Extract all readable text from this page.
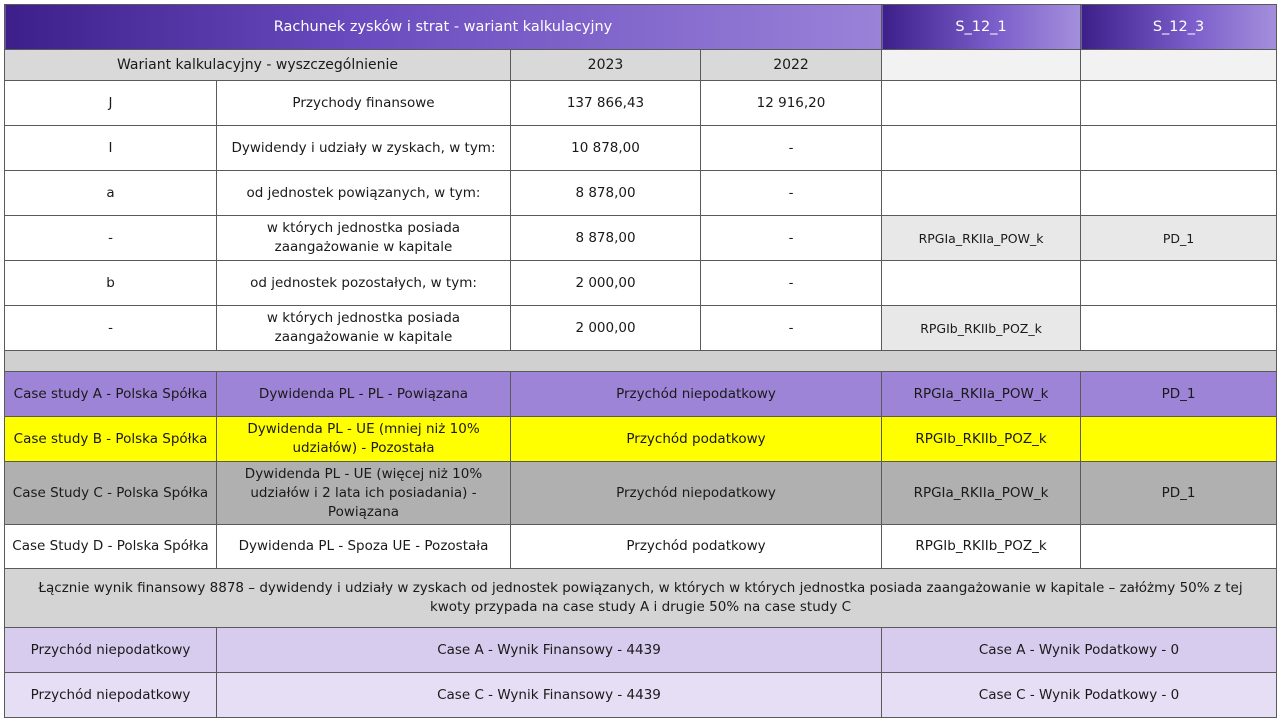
Rachunek zysków i strat - wariant kalkulacyjny				S_12_1	S_12_3
Wariant kalkulacyjny - wyszczególnienie		2023	2022		
J	Przychody finansowe	137 866,43	12 916,20		
I	Dywidendy i udziały w zyskach, w tym:	10 878,00	-		
a	od jednostek powiązanych, w tym:	8 878,00	-		
-	w których jednostka posiada zaangażowanie w kapitale	8 878,00	-	RPGIa_RKIIa_POW_k	PD_1
b	od jednostek pozostałych, w tym:	2 000,00	-		
-	w których jednostka posiada zaangażowanie w kapitale	2 000,00	-	RPGIb_RKIIb_POZ_k	

Case study A - Polska Spółka	Dywidenda PL - PL - Powiązana	Przychód niepodatkowy		RPGIa_RKIIa_POW_k	PD_1
Case study B - Polska Spółka	Dywidenda PL - UE (mniej niż 10% udziałów) - Pozostała	Przychód podatkowy		RPGIb_RKIIb_POZ_k	
Case Study C - Polska Spółka	Dywidenda PL - UE (więcej niż 10% udziałów i 2 lata ich posiadania) - Powiązana	Przychód niepodatkowy		RPGIa_RKIIa_POW_k	PD_1
Case Study D - Polska Spółka	Dywidenda PL - Spoza UE - Pozostała	Przychód podatkowy		RPGIb_RKIIb_POZ_k	
Łącznie wynik finansowy 8878 – dywidendy i udziały w zyskach od jednostek powiązanych, w których w których jednostka posiada zaangażowanie w kapitale – załóżmy 50% z tej kwoty przypada na case study A i drugie 50% na case study C					
Przychód niepodatkowy	Case A - Wynik Finansowy - 4439			Case A - Wynik Podatkowy - 0	
Przychód niepodatkowy	Case C - Wynik Finansowy - 4439			Case C - Wynik Podatkowy - 0	
